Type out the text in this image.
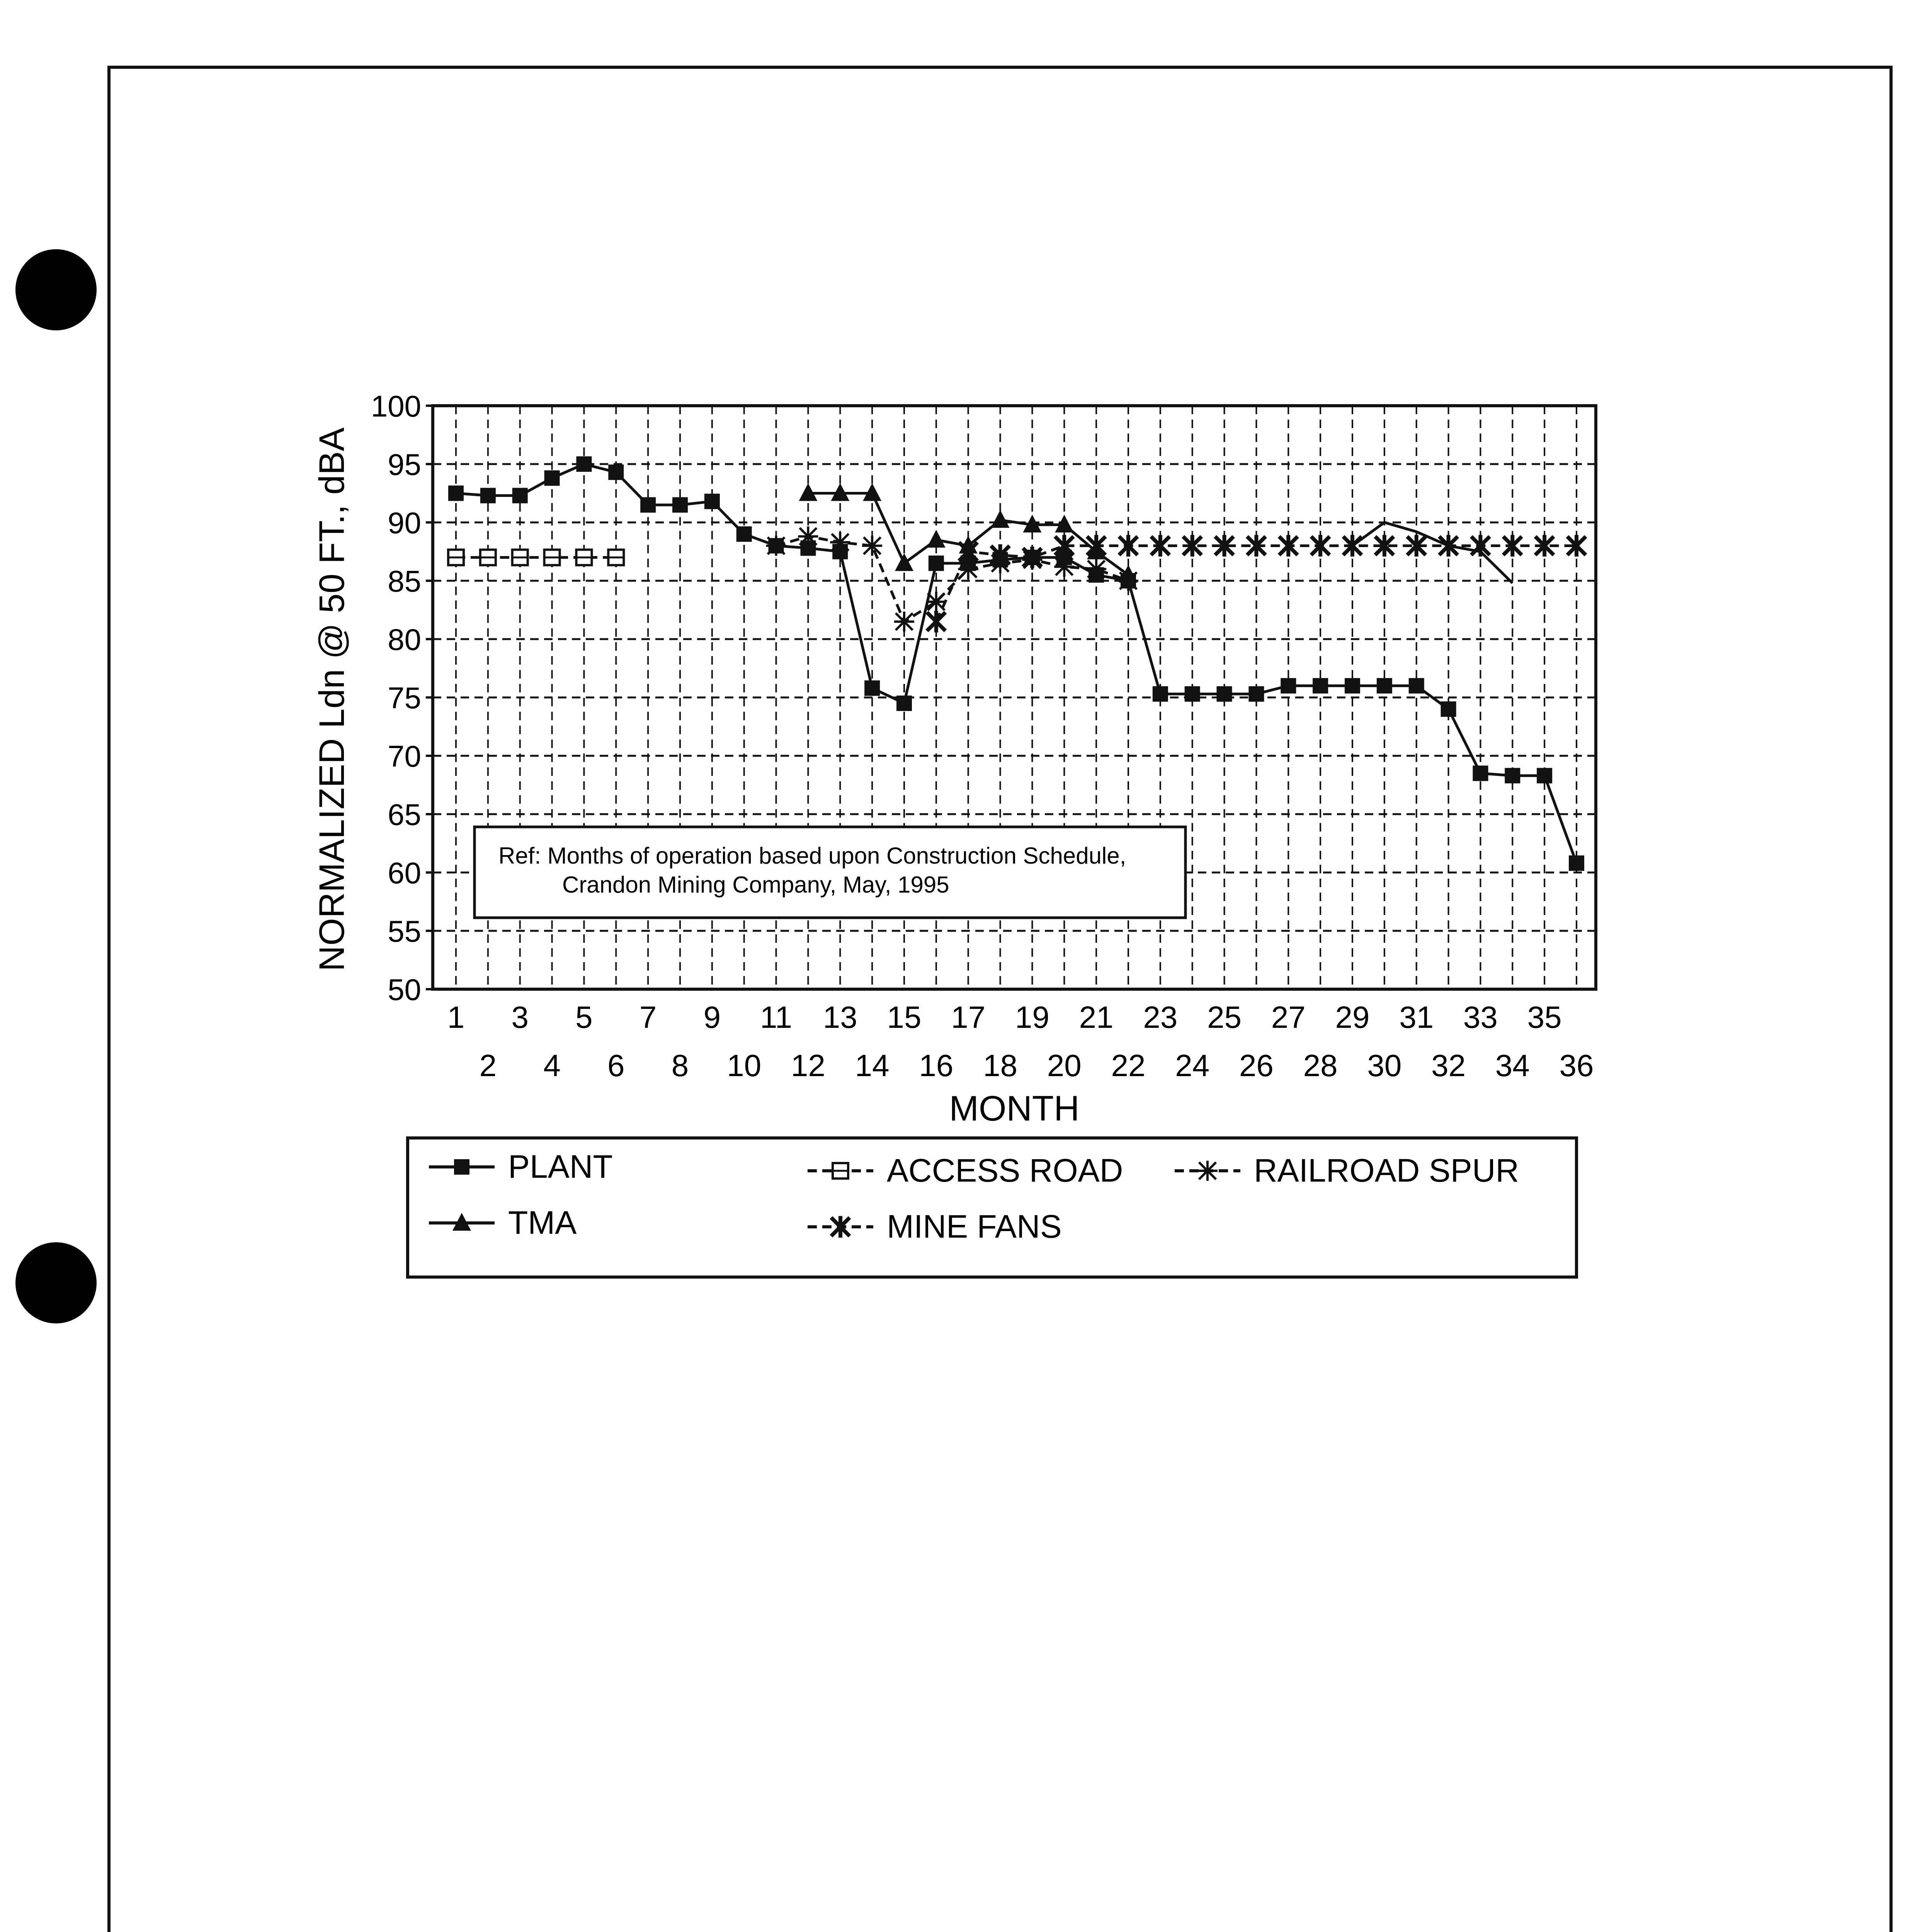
100
95
90
85
80
75
70
65
60
55
50
1 3 5 7 9 11 13 15 17 19 21 23 25 27 29 31 33 35
2 4 6 8 10 12 14 16 18 20 22 24 26 28 30 32 34 36
NORMALIZED Ldn @ 50 FT., dBA
MONTH
Ref: Months of operation based upon Construction Schedule,
Crandon Mining Company, May, 1995
PLANT
TMA
ACCESS ROAD
MINE FANS
RAILROAD SPUR
